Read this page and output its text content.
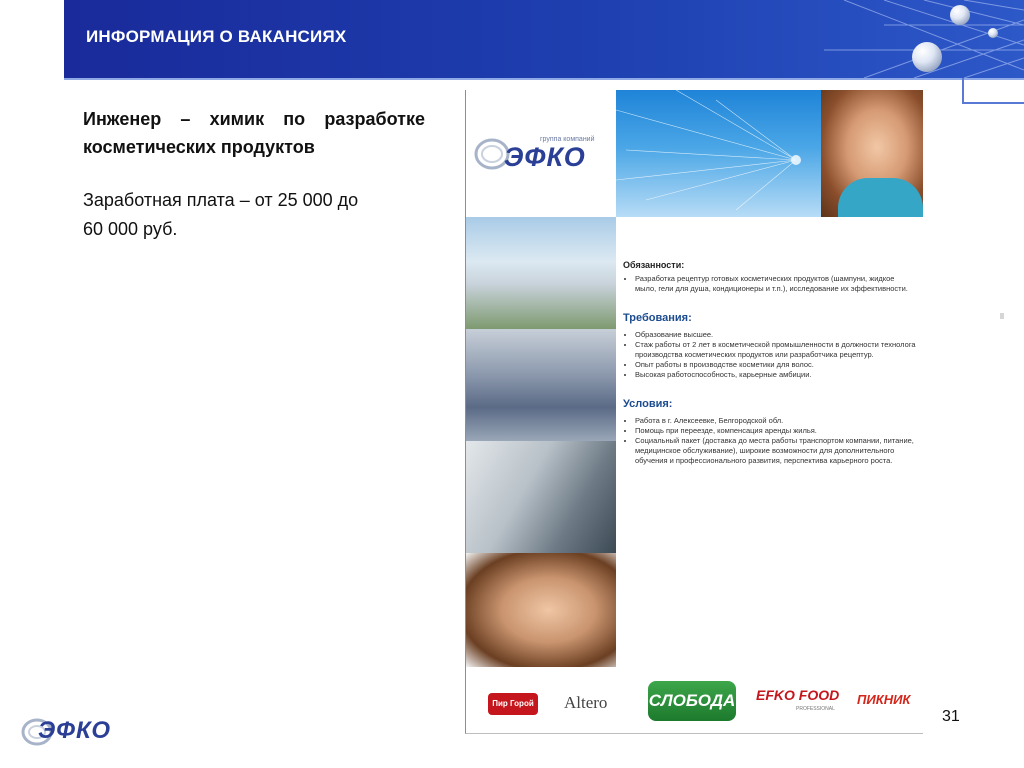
ИНФОРМАЦИЯ О ВАКАНСИЯХ
Инженер – химик по разработке косметических продуктов
Заработная плата – от 25 000 до
60 000 руб.
группа компаний
ЭФКО
Обязанности:
• Разработка рецептур готовых косметических продуктов (шампуни, жидкое мыло, гели для душа, кондиционеры и т.п.), исследование их эффективности.
Требования:
• Образование высшее.
• Стаж работы от 2 лет в косметической промышленности в должности технолога производства косметических продуктов или разработчика рецептур.
• Опыт работы в производстве косметики для волос.
• Высокая работоспособность, карьерные амбиции.
Условия:
• Работа в г. Алексеевке, Белгородской обл.
• Помощь при переезде, компенсация аренды жилья.
• Социальный пакет (доставка до места работы транспортом компании, питание, медицинское обслуживание), широкие возможности для дополнительного обучения и профессионального развития, перспектива карьерного роста.
Пир Горой Altero СЛОБОДА EFKO FOOD
PROFESSIONAL
ПИКНИК
31
ЭФКО
